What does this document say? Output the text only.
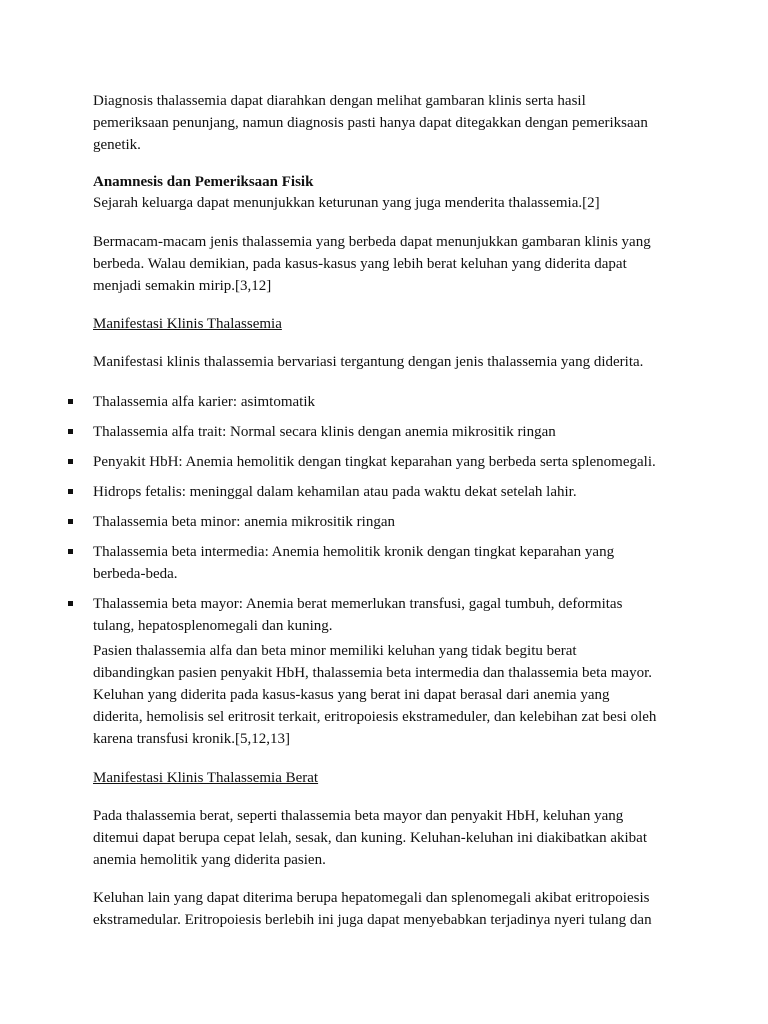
Diagnosis thalassemia dapat diarahkan dengan melihat gambaran klinis serta hasil
pemeriksaan penunjang, namun diagnosis pasti hanya dapat ditegakkan dengan pemeriksaan
genetik.
Anamnesis dan Pemeriksaan Fisik
Sejarah keluarga dapat menunjukkan keturunan yang juga menderita thalassemia.[2]
Bermacam-macam jenis thalassemia yang berbeda dapat menunjukkan gambaran klinis yang
berbeda. Walau demikian, pada kasus-kasus yang lebih berat keluhan yang diderita dapat
menjadi semakin mirip.[3,12]
Manifestasi Klinis Thalassemia
Manifestasi klinis thalassemia bervariasi tergantung dengan jenis thalassemia yang diderita.
Thalassemia alfa karier: asimtomatik
Thalassemia alfa trait: Normal secara klinis dengan anemia mikrositik ringan
Penyakit HbH: Anemia hemolitik dengan tingkat keparahan yang berbeda serta splenomegali.
Hidrops fetalis: meninggal dalam kehamilan atau pada waktu dekat setelah lahir.
Thalassemia beta minor: anemia mikrositik ringan
Thalassemia beta intermedia: Anemia hemolitik kronik dengan tingkat keparahan yang
berbeda-beda.
Thalassemia beta mayor: Anemia berat memerlukan transfusi, gagal tumbuh, deformitas
tulang, hepatosplenomegali dan kuning.
Pasien thalassemia alfa dan beta minor memiliki keluhan yang tidak begitu berat
dibandingkan pasien penyakit HbH, thalassemia beta intermedia dan thalassemia beta mayor.
Keluhan yang diderita pada kasus-kasus yang berat ini dapat berasal dari anemia yang
diderita, hemolisis sel eritrosit terkait, eritropoiesis ekstrameduler, dan kelebihan zat besi oleh
karena transfusi kronik.[5,12,13]
Manifestasi Klinis Thalassemia Berat
Pada thalassemia berat, seperti thalassemia beta mayor dan penyakit HbH, keluhan yang
ditemui dapat berupa cepat lelah, sesak, dan kuning. Keluhan-keluhan ini diakibatkan akibat
anemia hemolitik yang diderita pasien.
Keluhan lain yang dapat diterima berupa hepatomegali dan splenomegali akibat eritropoiesis
ekstramedular. Eritropoiesis berlebih ini juga dapat menyebabkan terjadinya nyeri tulang dan
